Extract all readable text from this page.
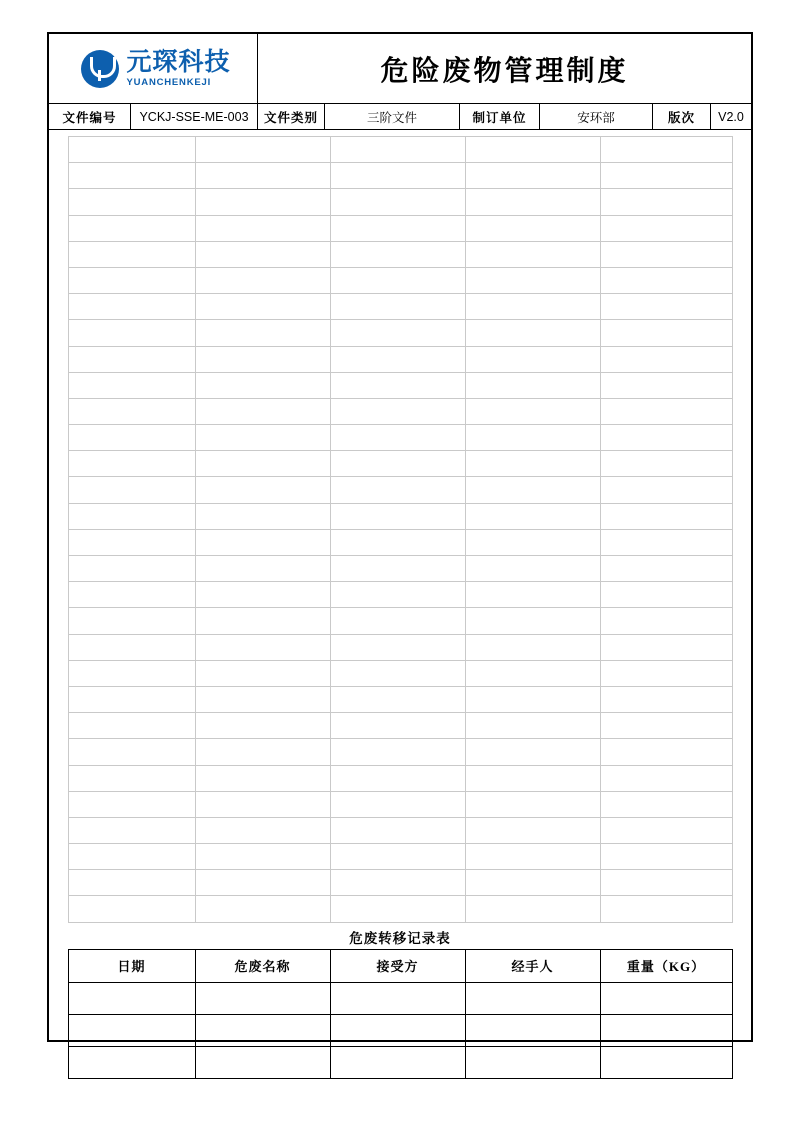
元琛科技
YUANCHENKEJI	危险废物管理制度
文件编号	YCKJ-SSE-ME-003	文件类别	三阶文件	制订单位	安环部	版次	V2.0

危废转移记录表
日期	危废名称	接受方	经手人	重量（KG）
